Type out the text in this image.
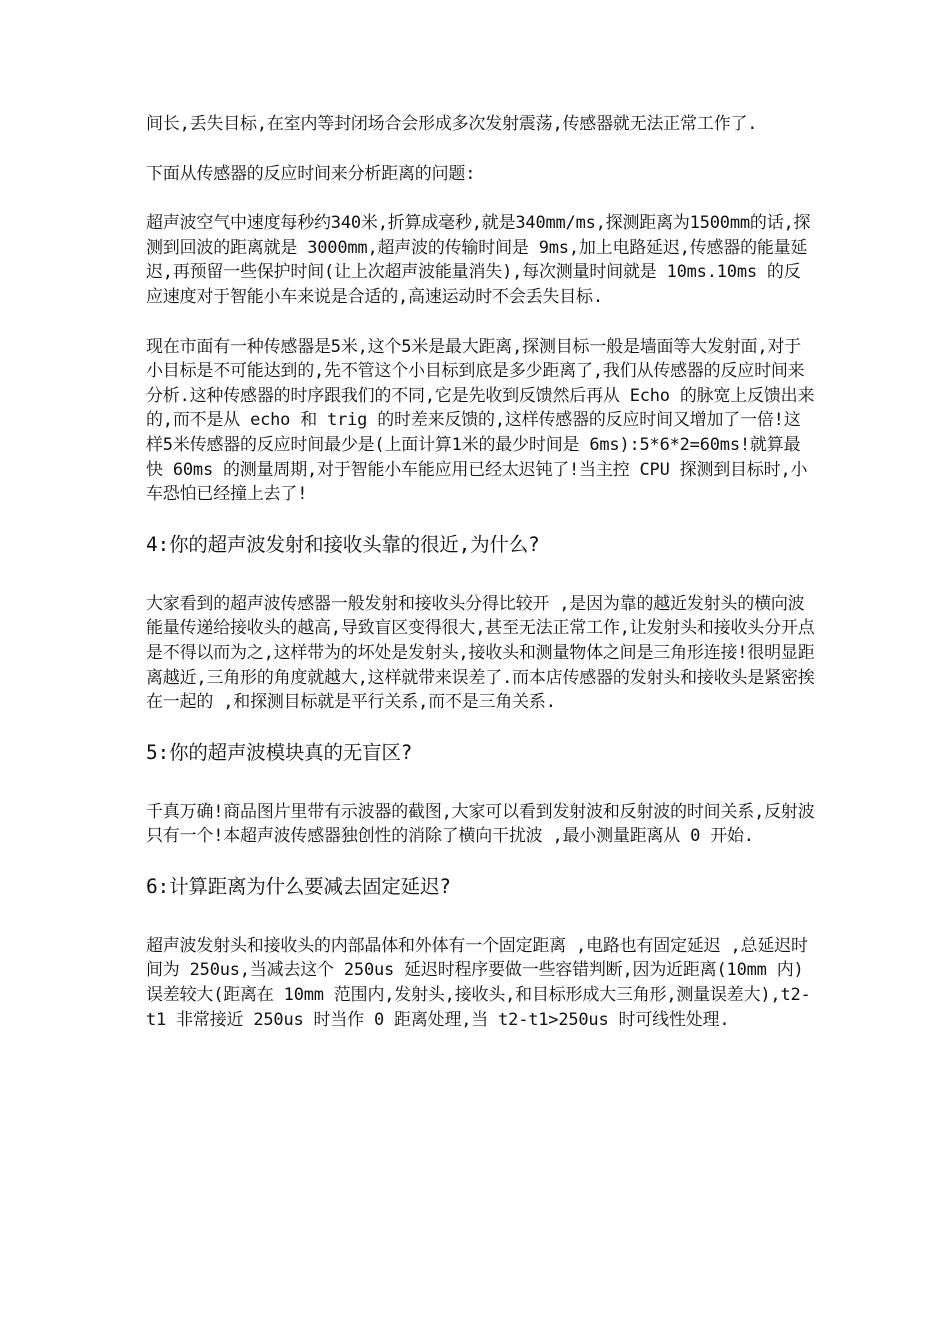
间长,丢失目标,在室内等封闭场合会形成多次发射震荡,传感器就无法正常工作了.

下面从传感器的反应时间来分析距离的问题:

超声波空气中速度每秒约340米,折算成毫秒,就是340mm/ms,探测距离为1500mm的话,探测到回波的距离就是 3000mm,超声波的传输时间是 9ms,加上电路延迟,传感器的能量延迟,再预留一些保护时间(让上次超声波能量消失),每次测量时间就是 10ms.10ms 的反应速度对于智能小车来说是合适的,高速运动时不会丢失目标.

现在市面有一种传感器是5米,这个5米是最大距离,探测目标一般是墙面等大发射面,对于小目标是不可能达到的,先不管这个小目标到底是多少距离了,我们从传感器的反应时间来分析.这种传感器的时序跟我们的不同,它是先收到反馈然后再从 Echo 的脉宽上反馈出来的,而不是从 echo 和 trig 的时差来反馈的,这样传感器的反应时间又增加了一倍!这样5米传感器的反应时间最少是(上面计算1米的最少时间是 6ms):5*6*2=60ms!就算最快 60ms 的测量周期,对于智能小车能应用已经太迟钝了!当主控 CPU 探测到目标时,小车恐怕已经撞上去了!

4:你的超声波发射和接收头靠的很近,为什么?

大家看到的超声波传感器一般发射和接收头分得比较开 ,是因为靠的越近发射头的横向波能量传递给接收头的越高,导致盲区变得很大,甚至无法正常工作,让发射头和接收头分开点是不得以而为之,这样带为的坏处是发射头,接收头和测量物体之间是三角形连接!很明显距离越近,三角形的角度就越大,这样就带来误差了.而本店传感器的发射头和接收头是紧密挨在一起的 ,和探测目标就是平行关系,而不是三角关系.

5:你的超声波模块真的无盲区?

千真万确!商品图片里带有示波器的截图,大家可以看到发射波和反射波的时间关系,反射波只有一个!本超声波传感器独创性的消除了横向干扰波 ,最小测量距离从 0 开始.

6:计算距离为什么要减去固定延迟?

超声波发射头和接收头的内部晶体和外体有一个固定距离 ,电路也有固定延迟 ,总延迟时间为 250us,当减去这个 250us 延迟时程序要做一些容错判断,因为近距离(10mm 内)误差较大(距离在 10mm 范围内,发射头,接收头,和目标形成大三角形,测量误差大),t2-t1 非常接近 250us 时当作 0 距离处理,当 t2-t1>250us 时可线性处理.
